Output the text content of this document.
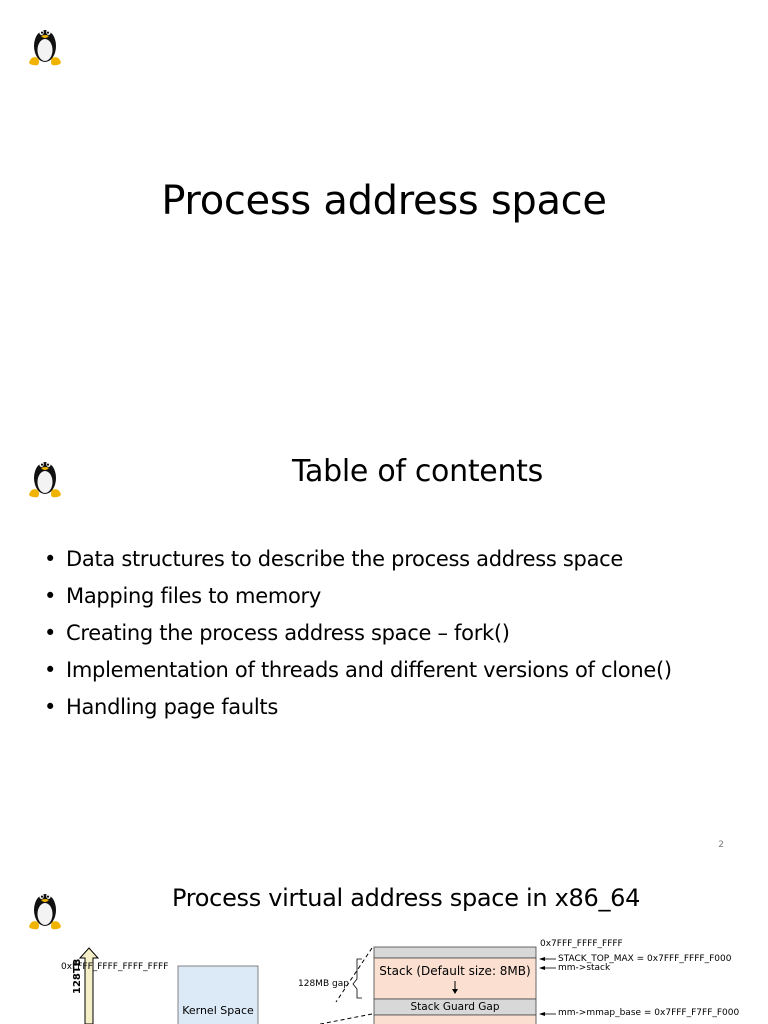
Process address space
Table of contents
• Data structures to describe the process address space
• Mapping files to memory
• Creating the process address space – fork()
• Implementation of threads and different versions of clone()
• Handling page faults
2
Process virtual address space in x86_64
128TB
0xFFFF_FFFF_FFFF_FFFF
Kernel Space
128MB gap
0x7FFF_FFFF_FFFF
Stack (Default size: 8MB)
Stack Guard Gap
STACK_TOP_MAX = 0x7FFF_FFFF_F000
mm->stack
mm->mmap_base = 0x7FFF_F7FF_F000
